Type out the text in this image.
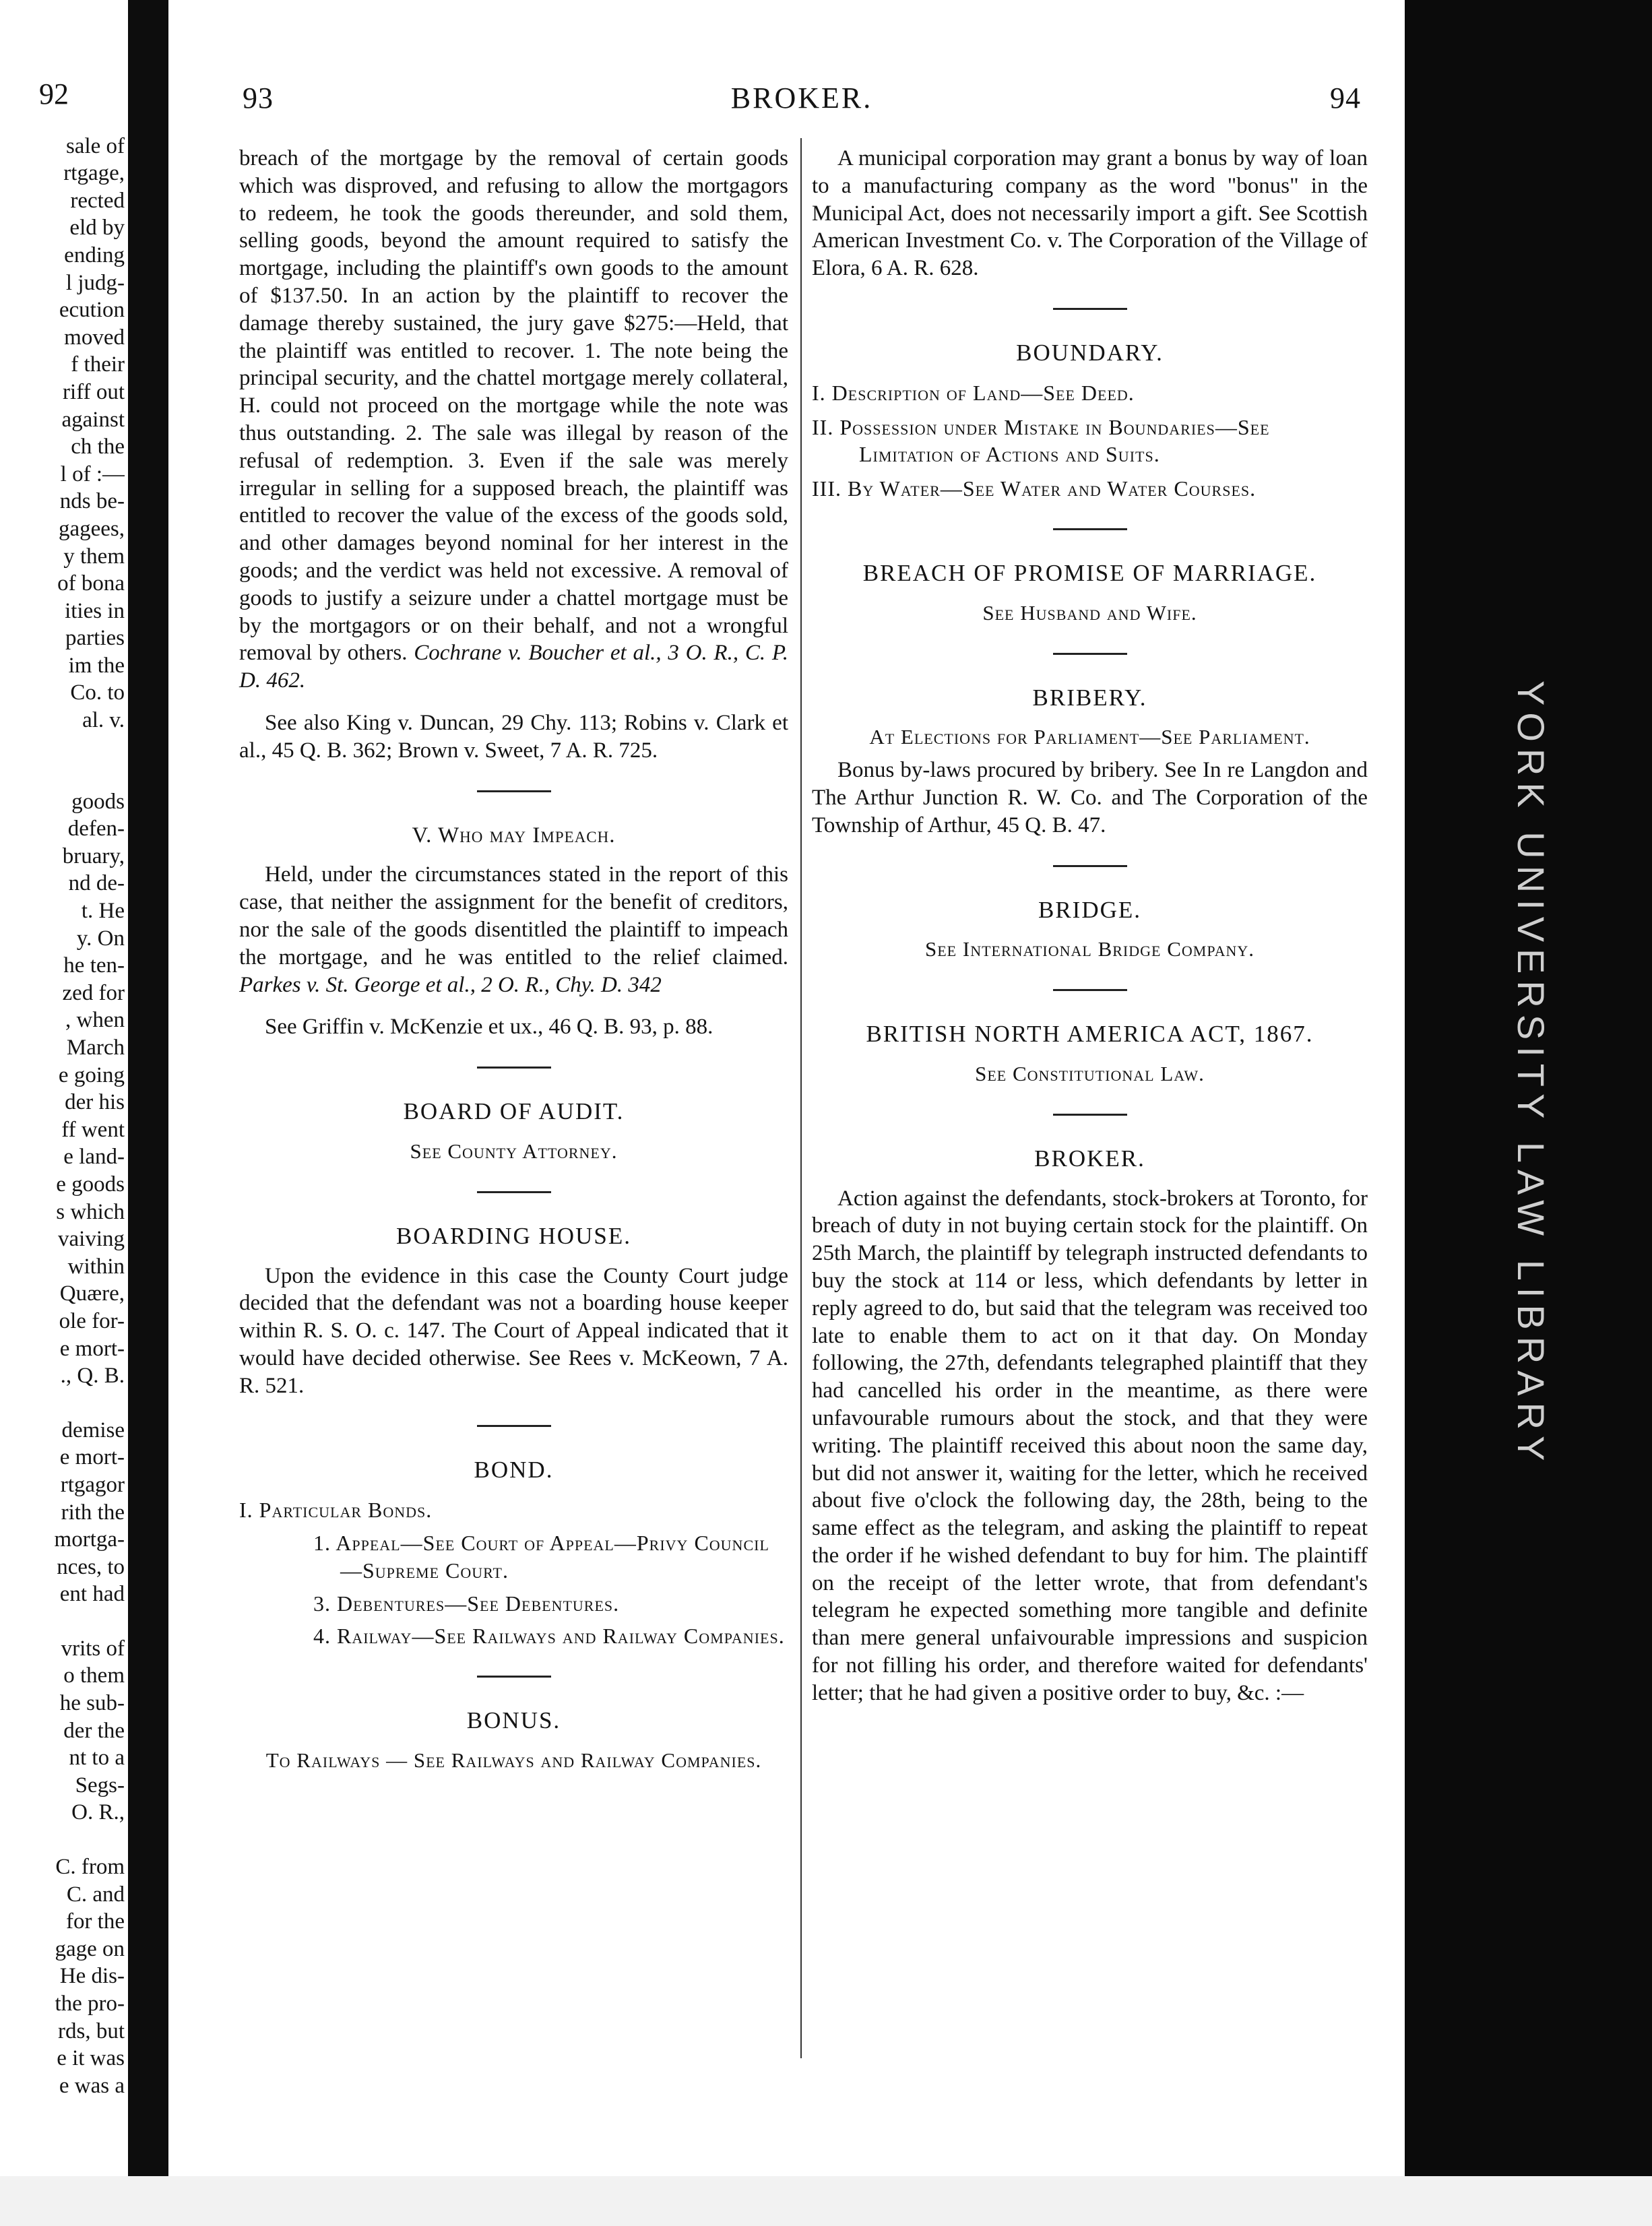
92
sale of
rtgage,
rected
eld by
ending
l judg-
ecution
moved
f their
riff out
against
ch the
l of :—
nds be-
gagees,
y them
of bona
ities in
parties
im the
Co. to
al. v.
goods
defen-
bruary,
nd de-
t. He
y. On
he ten-
zed for
, when
March
e going
der his
ff went
e land-
e goods
s which
vaiving
within
Quære,
ole for-
e mort-
., Q. B.
demise
e mort-
rtgagor
rith the
mortga-
nces, to
ent had
vrits of
o them
he sub-
der the
nt to a
Segs-
O. R.,
C. from
C. and
for the
gage on
He dis-
the pro-
rds, but
e it was
e was a
BROKER.
93	94

breach of the mortgage by the removal of certain goods which was disproved, and refusing to allow the mortgagors to redeem, he took the goods thereunder, and sold them, selling goods, beyond the amount required to satisfy the mortgage, including the plaintiff's own goods to the amount of $137.50. In an action by the plaintiff to recover the damage thereby sustained, the jury gave $275:—Held, that the plaintiff was entitled to recover. 1. The note being the principal security, and the chattel mortgage merely collateral, H. could not proceed on the mortgage while the note was thus outstanding. 2. The sale was illegal by reason of the refusal of redemption. 3. Even if the sale was merely irregular in selling for a supposed breach, the plaintiff was entitled to recover the value of the excess of the goods sold, and other damages beyond nominal for her interest in the goods; and the verdict was held not excessive. A removal of goods to justify a seizure under a chattel mortgage must be by the mortgagors or on their behalf, and not a wrongful removal by others. Cochrane v. Boucher et al., 3 O. R., C. P. D. 462.

See also King v. Duncan, 29 Chy. 113; Robins v. Clark et al., 45 Q. B. 362; Brown v. Sweet, 7 A. R. 725.

V. Who may Impeach.

Held, under the circumstances stated in the report of this case, that neither the assignment for the benefit of creditors, nor the sale of the goods disentitled the plaintiff to impeach the mortgage, and he was entitled to the relief claimed. Parkes v. St. George et al., 2 O. R., Chy. D. 342

See Griffin v. McKenzie et ux., 46 Q. B. 93, p. 88.

BOARD OF AUDIT.
See County Attorney.
BOARDING HOUSE.

Upon the evidence in this case the County Court judge decided that the defendant was not a boarding house keeper within R. S. O. c. 147. The Court of Appeal indicated that it would have decided otherwise. See Rees v. McKeown, 7 A. R. 521.

BOND.
I. Particular Bonds.
1. Appeal—See Court of Appeal—Privy Council—Supreme Court.
3. Debentures—See Debentures.
4. Railway—See Railways and Railway Companies.
BONUS.
To Railways — See Railways and Railway Companies.

A municipal corporation may grant a bonus by way of loan to a manufacturing company as the word "bonus" in the Municipal Act, does not necessarily import a gift. See Scottish American Investment Co. v. The Corporation of the Village of Elora, 6 A. R. 628.

BOUNDARY.
I. Description of Land—See Deed.
II. Possession under Mistake in Boundaries—See Limitation of Actions and Suits.
III. By Water—See Water and Water Courses.
BREACH OF PROMISE OF MARRIAGE.
See Husband and Wife.
BRIBERY.
At Elections for Parliament—See Parliament.

Bonus by-laws procured by bribery. See In re Langdon and The Arthur Junction R. W. Co. and The Corporation of the Township of Arthur, 45 Q. B. 47.

BRIDGE.
See International Bridge Company.
BRITISH NORTH AMERICA ACT, 1867.
See Constitutional Law.
BROKER.

Action against the defendants, stock-brokers at Toronto, for breach of duty in not buying certain stock for the plaintiff. On 25th March, the plaintiff by telegraph instructed defendants to buy the stock at 114 or less, which defendants by letter in reply agreed to do, but said that the telegram was received too late to enable them to act on it that day. On Monday following, the 27th, defendants telegraphed plaintiff that they had cancelled his order in the meantime, as there were unfavourable rumours about the stock, and that they were writing. The plaintiff received this about noon the same day, but did not answer it, waiting for the letter, which he received about five o'clock the following day, the 28th, being to the same effect as the telegram, and asking the plaintiff to repeat the order if he wished defendant to buy for him. The plaintiff on the receipt of the letter wrote, that from defendant's telegram he expected something more tangible and definite than mere general unfaivourable impressions and suspicion for not filling his order, and therefore waited for defendants' letter; that he had given a positive order to buy, &c. :—

YORK UNIVERSITY LAW LIBRARY
